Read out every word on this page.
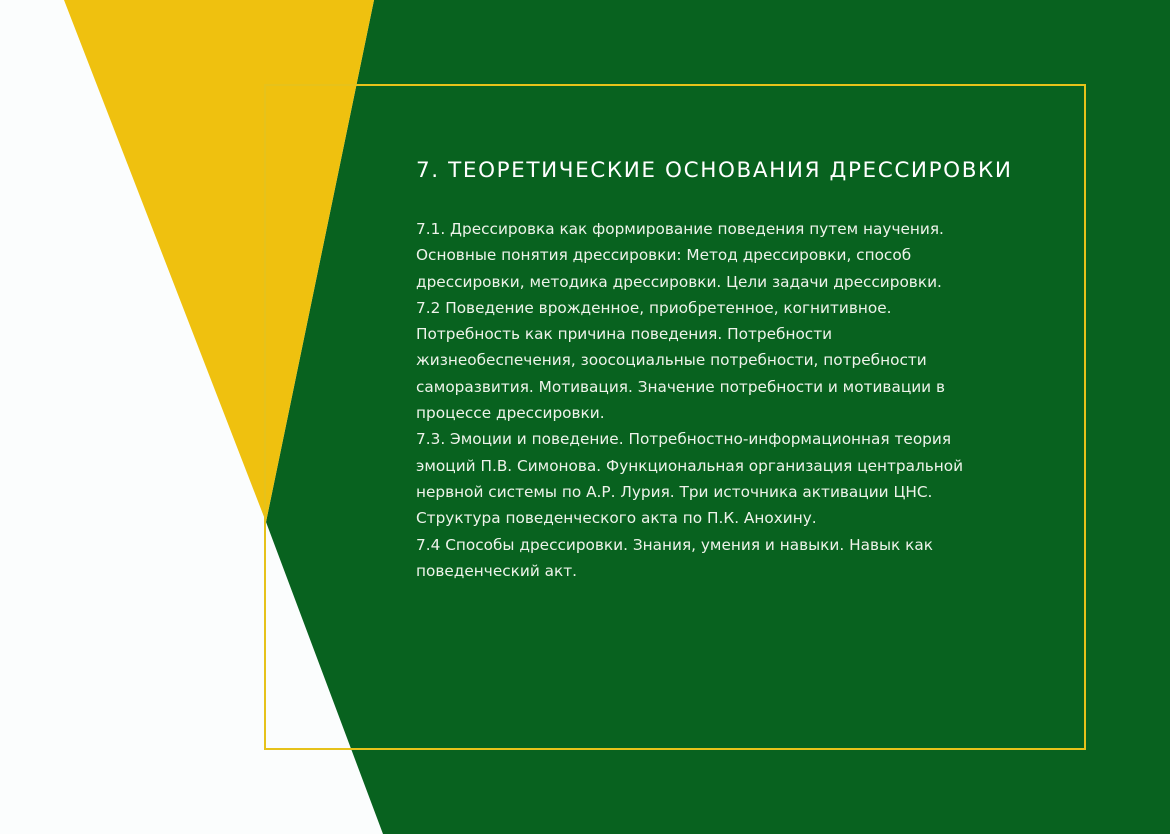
7. ТЕОРЕТИЧЕСКИЕ ОСНОВАНИЯ ДРЕССИРОВКИ

7.1. Дрессировка как формирование поведения путем научения.
Основные понятия дрессировки: Метод дрессировки, способ
дрессировки, методика дрессировки. Цели задачи дрессировки.

7.2 Поведение врожденное, приобретенное, когнитивное.
Потребность как причина поведения. Потребности
жизнеобеспечения, зоосоциальные потребности, потребности
саморазвития. Мотивация. Значение потребности и мотивации в
процессе дрессировки.

7.3. Эмоции и поведение. Потребностно-информационная теория
эмоций П.В. Симонова. Функциональная организация центральной
нервной системы по А.Р. Лурия. Три источника активации ЦНС.
Структура поведенческого акта по П.К. Анохину.

7.4 Способы дрессировки. Знания, умения и навыки. Навык как
поведенческий акт.
